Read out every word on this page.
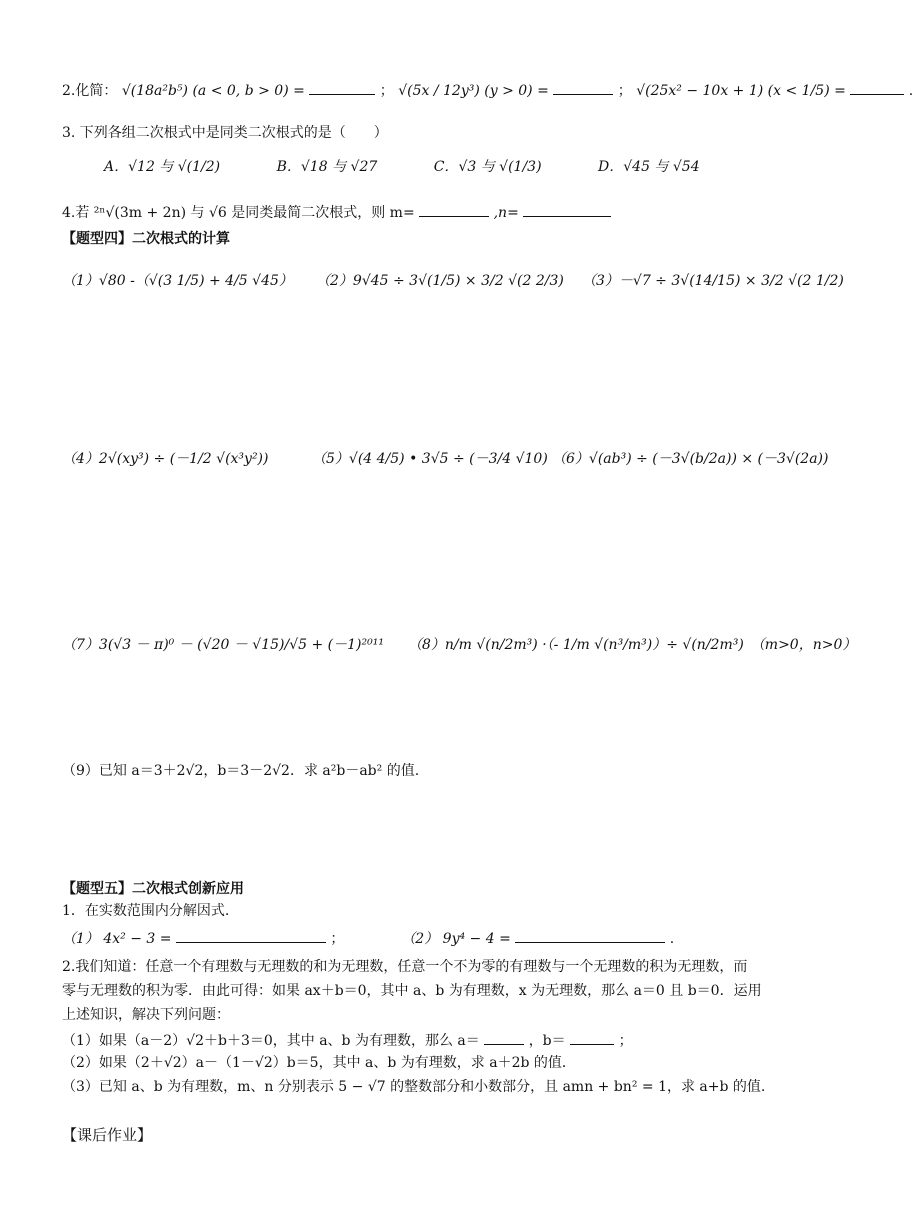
2.化简： √(18a²b⁵) (a < 0, b > 0) =	； √(5x / 12y³) (y > 0) =	； √(25x² − 10x + 1) (x < 1/5) =	.
3. 下列各组二次根式中是同类二次根式的是（　　）
A．√12 与 √(1/2)	B．√18 与 √27	C．√3 与 √(1/3)	D．√45 与 √54
4.若 ²ⁿ√(3m + 2n) 与 √6 是同类最简二次根式，则 m=	,n=
【题型四】二次根式的计算
（1）√80 -（√(3 1/5) + 4/5 √45） （2）9√45 ÷ 3√(1/5) × 3/2 √(2 2/3) （3）－√7 ÷ 3√(14/15) × 3/2 √(2 1/2)
（4）2√(xy³) ÷ (－1/2 √(x³y²))	（5）√(4 4/5) • 3√5 ÷ (－3/4 √10) （6）√(ab³) ÷ (－3√(b/2a)) × (－3√(2a))
（7）3(√3 － π)⁰ － (√20 － √15)/√5 + (－1)²⁰¹¹ （8）n/m √(n/2m³) ·（- 1/m √(n³/m³)）÷ √(n/2m³)　（m>0，n>0）
（9）已知 a＝3＋2√2，b＝3－2√2．求 a²b－ab² 的值.
【题型五】二次根式创新应用
1．在实数范围内分解因式.
（1） 4x² − 3 =	；	（2） 9y⁴ − 4 =	.
2.我们知道：任意一个有理数与无理数的和为无理数，任意一个不为零的有理数与一个无理数的积为无理数，而
零与无理数的积为零．由此可得：如果 ax＋b＝0，其中 a、b 为有理数，x 为无理数，那么 a＝0 且 b＝0．运用
上述知识，解决下列问题：
（1）如果（a－2）√2＋b＋3＝0，其中 a、b 为有理数，那么 a＝	，b＝	；
（2）如果（2＋√2）a－（1－√2）b＝5，其中 a、b 为有理数，求 a＋2b 的值．
（3）已知 a、b 为有理数，m、n 分别表示 5 − √7 的整数部分和小数部分，且 amn + bn² = 1，求 a+b 的值.
【课后作业】
